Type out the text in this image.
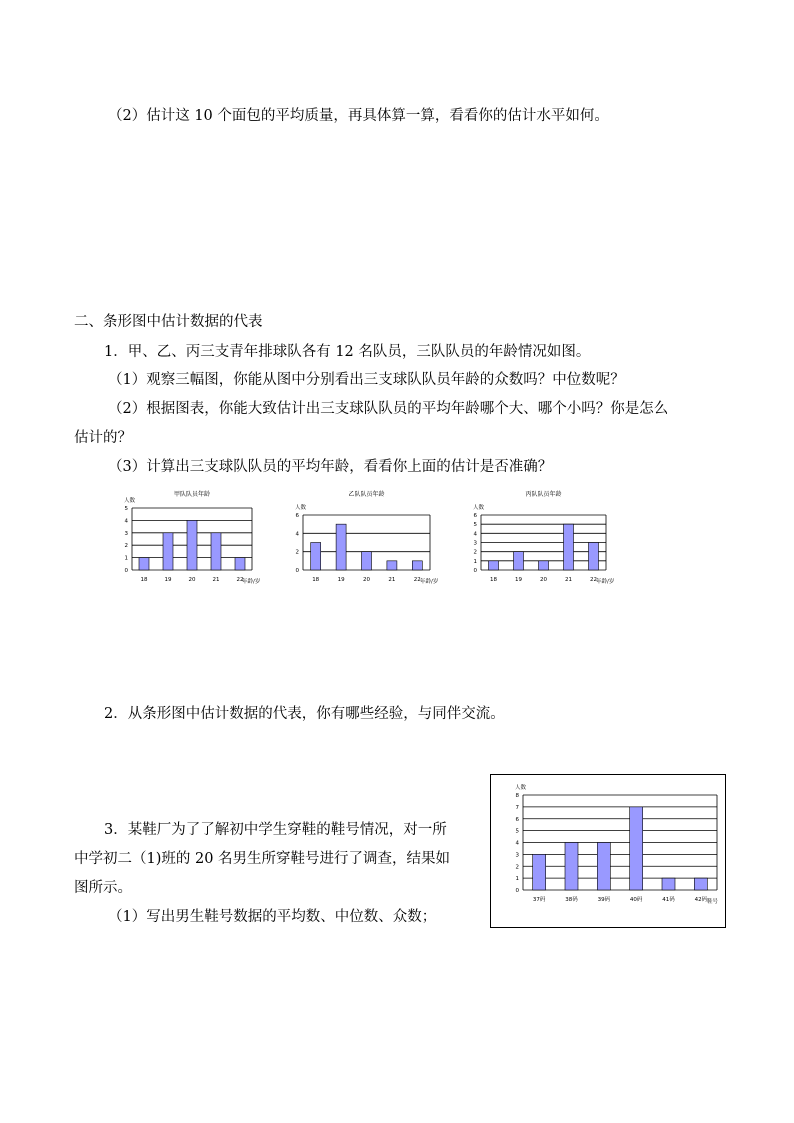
（2）估计这 10 个面包的平均质量，再具体算一算，看看你的估计水平如何。
二、条形图中估计数据的代表
1．甲、乙、丙三支青年排球队各有 12 名队员，三队队员的年龄情况如图。
（1）观察三幅图，你能从图中分别看出三支球队队员年龄的众数吗？中位数呢？
（2）根据图表，你能大致估计出三支球队队员的平均年龄哪个大、哪个小吗？你是怎么
估计的？
（3）计算出三支球队队员的平均年龄，看看你上面的估计是否准确？
甲队队员年龄
人数
0
1
2
3
4
5
18	19	20	21	22
年龄/岁
乙队队员年龄
人数
0
2
4
6
18	19	20	21	22 年龄/岁
丙队队员年龄
人数
0
1
2
3
4
5
6
18	19	20	21	22 年龄/岁
2．从条形图中估计数据的代表，你有哪些经验，与同伴交流。
人数
0
1
2
3
4
5
6
7
8
37码	38码	39码	40码	41码	42码 鞋号
3．某鞋厂为了了解初中学生穿鞋的鞋号情况，对一所
中学初二（1)班的 20 名男生所穿鞋号进行了调查，结果如
图所示。
（1）写出男生鞋号数据的平均数、中位数、众数；
